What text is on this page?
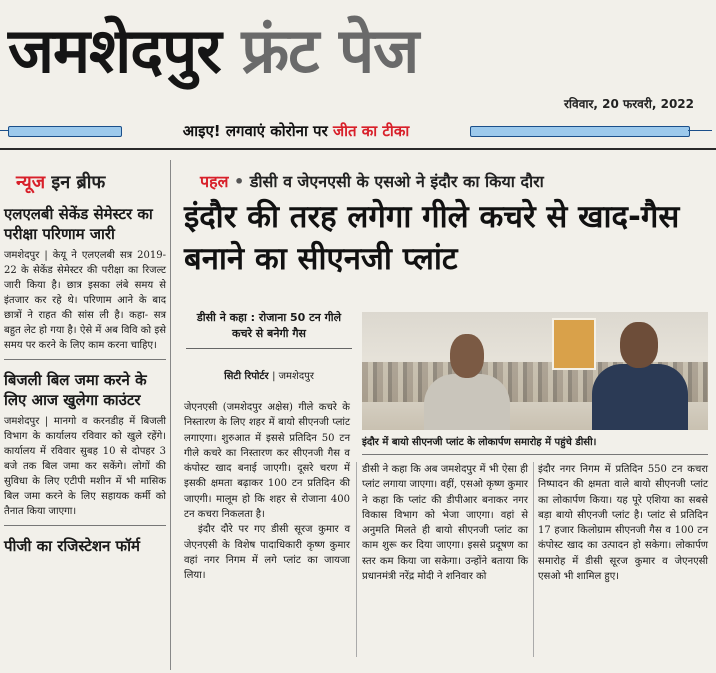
जमशेदपुर फ्रंट पेज
रविवार, 20 फरवरी, 2022
आइए! लगवाएं कोरोना पर जीत का टीका
न्यूज इन ब्रीफ
एलएलबी सेकेंड सेमेस्टर का परीक्षा परिणाम जारी
जमशेदपुर | केयू ने एलएलबी सत्र 2019-22 के सेकेंड सेमेस्टर की परीक्षा का रिजल्ट जारी किया है। छात्र इसका लंबे समय से इंतजार कर रहे थे। परिणाम आने के बाद छात्रों ने राहत की सांस ली है। कहा- सत्र बहुत लेट हो गया है। ऐसे में अब विवि को इसे समय पर करने के लिए काम करना चाहिए।
बिजली बिल जमा करने के लिए आज खुलेगा काउंटर
जमशेदपुर | मानगो व करनडीह में बिजली विभाग के कार्यालय रविवार को खुले रहेंगे। कार्यालय में रविवार सुबह 10 से दोपहर 3 बजे तक बिल जमा कर सकेंगे। लोगों की सुविधा के लिए एटीपी मशीन में भी मासिक बिल जमा करने के लिए सहायक कर्मी को तैनात किया जाएगा।
पीजी का रजिस्टेशन फॉर्म
पहल • डीसी व जेएनएसी के एसओ ने इंदौर का किया दौरा
इंदौर की तरह लगेगा गीले कचरे से खाद-गैस बनाने का सीएनजी प्लांट
डीसी ने कहा : रोजाना 50 टन गीले कचरे से बनेगी गैस
सिटी रिपोर्टर | जमशेदपुर
इंदौर में बायो सीएनजी प्लांट के लोकार्पण समारोह में पहुंचे डीसी।

जेएनएसी (जमशेदपुर अक्षेस) गीले कचरे के निस्तारण के लिए शहर में बायो सीएनजी प्लांट लगाएगा। शुरुआत में इससे प्रतिदिन 50 टन गीले कचरे का निस्तारण कर सीएनजी गैस व कंपोस्ट खाद बनाई जाएगी। दूसरे चरण में इसकी क्षमता बढ़ाकर 100 टन प्रतिदिन की जाएगी। मालूम हो कि शहर से रोजाना 400 टन कचरा निकलता है।

इंदौर दौरे पर गए डीसी सूरज कुमार व जेएनएसी के विशेष पादाधिकारी कृष्ण कुमार वहां नगर निगम में लगे प्लांट का जायजा लिया।

डीसी ने कहा कि अब जमशेदपुर में भी ऐसा ही प्लांट लगाया जाएगा। वहीं, एसओ कृष्ण कुमार ने कहा कि प्लांट की डीपीआर बनाकर नगर विकास विभाग को भेजा जाएगा। वहां से अनुमति मिलते ही बायो सीएनजी प्लांट का काम शुरू कर दिया जाएगा। इससे प्रदूषण का स्तर कम किया जा सकेगा। उन्होंने बताया कि प्रधानमंत्री नरेंद्र मोदी ने शनिवार को

इंदौर नगर निगम में प्रतिदिन 550 टन कचरा निष्पादन की क्षमता वाले बायो सीएनजी प्लांट का लोकार्पण किया। यह पूरे एशिया का सबसे बड़ा बायो सीएनजी प्लांट है। प्लांट से प्रतिदिन 17 हजार किलोग्राम सीएनजी गैस व 100 टन कंपोस्ट खाद का उत्पादन हो सकेगा। लोकार्पण समारोह में डीसी सूरज कुमार व जेएनएसी एसओ भी शामिल हुए।
